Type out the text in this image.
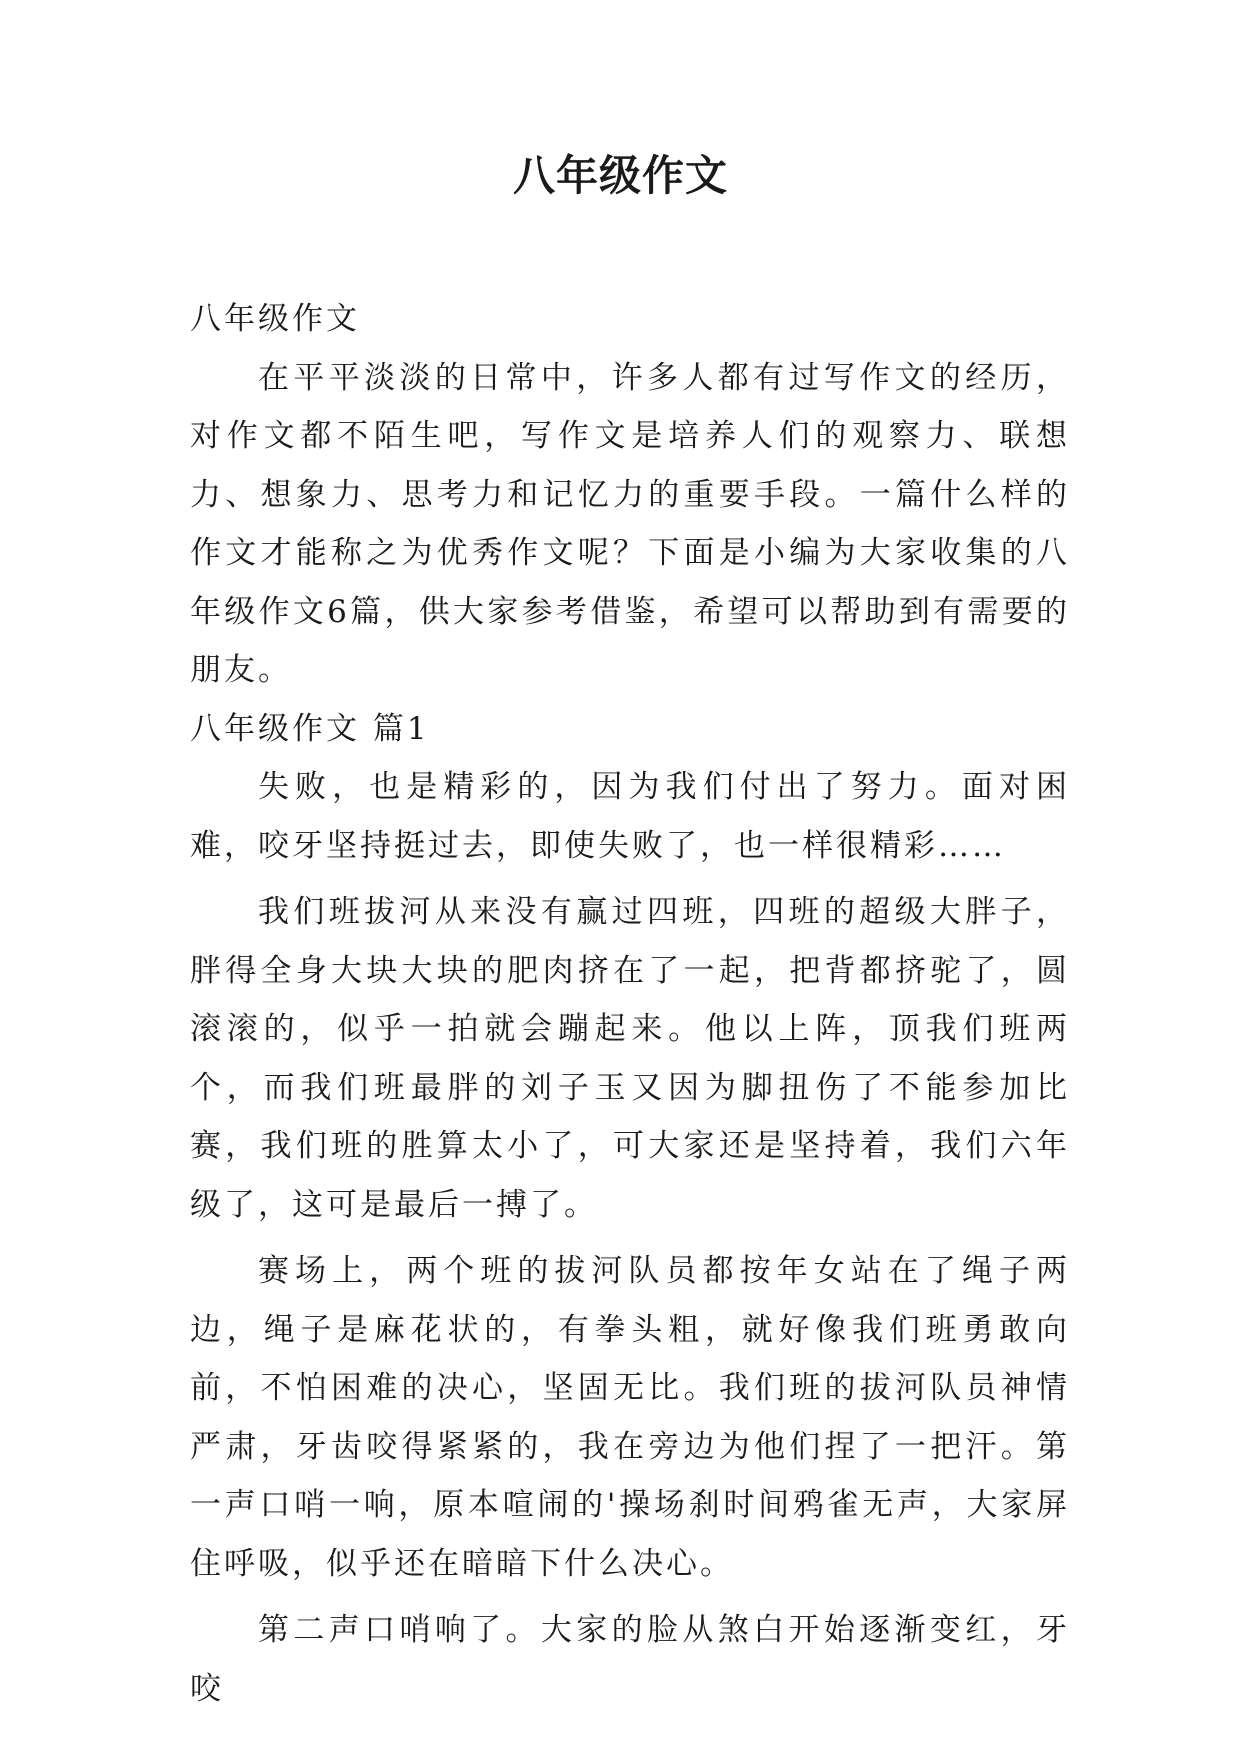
八年级作文

八年级作文

在平平淡淡的日常中，许多人都有过写作文的经历，对作文都不陌生吧，写作文是培养人们的观察力、联想力、想象力、思考力和记忆力的重要手段。一篇什么样的作文才能称之为优秀作文呢？下面是小编为大家收集的八年级作文6篇，供大家参考借鉴，希望可以帮助到有需要的朋友。

八年级作文 篇1

失败，也是精彩的，因为我们付出了努力。面对困难，咬牙坚持挺过去，即使失败了，也一样很精彩……

我们班拔河从来没有赢过四班，四班的超级大胖子，胖得全身大块大块的肥肉挤在了一起，把背都挤驼了，圆滚滚的，似乎一拍就会蹦起来。他以上阵，顶我们班两个，而我们班最胖的刘子玉又因为脚扭伤了不能参加比赛，我们班的胜算太小了，可大家还是坚持着，我们六年级了，这可是最后一搏了。

赛场上，两个班的拔河队员都按年女站在了绳子两边，绳子是麻花状的，有拳头粗，就好像我们班勇敢向前，不怕困难的决心，坚固无比。我们班的拔河队员神情严肃，牙齿咬得紧紧的，我在旁边为他们捏了一把汗。第一声口哨一响，原本喧闹的'操场刹时间鸦雀无声，大家屏住呼吸，似乎还在暗暗下什么决心。

第二声口哨响了。大家的脸从煞白开始逐渐变红，牙咬
